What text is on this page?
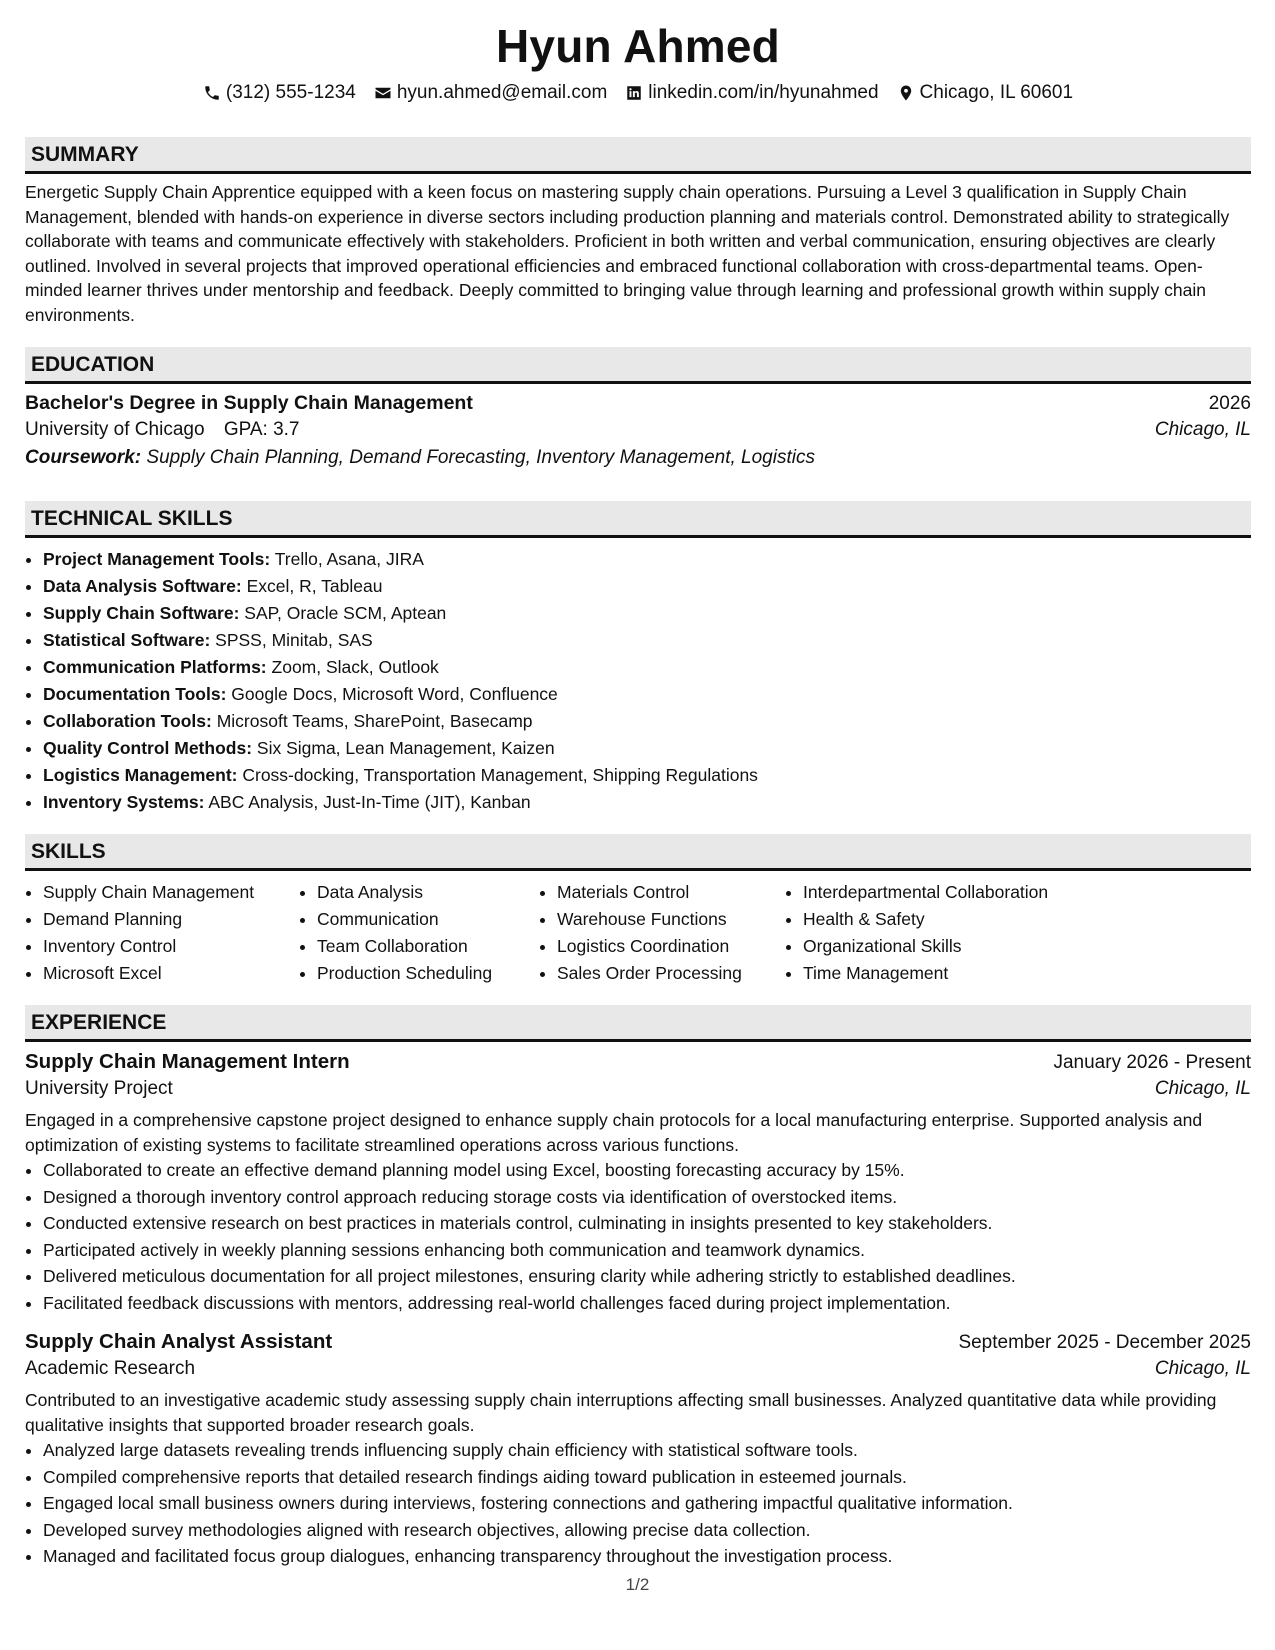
Hyun Ahmed
(312) 555-1234 hyun.ahmed@email.com linkedin.com/in/hyunahmed Chicago, IL 60601
SUMMARY

Energetic Supply Chain Apprentice equipped with a keen focus on mastering supply chain operations. Pursuing a Level 3 qualification in Supply Chain Management, blended with hands-on experience in diverse sectors including production planning and materials control. Demonstrated ability to strategically collaborate with teams and communicate effectively with stakeholders. Proficient in both written and verbal communication, ensuring objectives are clearly outlined. Involved in several projects that improved operational efficiencies and embraced functional collaboration with cross-departmental teams. Open-minded learner thrives under mentorship and feedback. Deeply committed to bringing value through learning and professional growth within supply chain environments.

EDUCATION
Bachelor's Degree in Supply Chain Management	2026
University of Chicago GPA: 3.7	Chicago, IL
Coursework: Supply Chain Planning, Demand Forecasting, Inventory Management, Logistics
TECHNICAL SKILLS
• Project Management Tools: Trello, Asana, JIRA
• Data Analysis Software: Excel, R, Tableau
• Supply Chain Software: SAP, Oracle SCM, Aptean
• Statistical Software: SPSS, Minitab, SAS
• Communication Platforms: Zoom, Slack, Outlook
• Documentation Tools: Google Docs, Microsoft Word, Confluence
• Collaboration Tools: Microsoft Teams, SharePoint, Basecamp
• Quality Control Methods: Six Sigma, Lean Management, Kaizen
• Logistics Management: Cross-docking, Transportation Management, Shipping Regulations
• Inventory Systems: ABC Analysis, Just-In-Time (JIT), Kanban
SKILLS
• Supply Chain Management
• Demand Planning
• Inventory Control
• Microsoft Excel
• Data Analysis
• Communication
• Team Collaboration
• Production Scheduling
• Materials Control
• Warehouse Functions
• Logistics Coordination
• Sales Order Processing
• Interdepartmental Collaboration
• Health & Safety
• Organizational Skills
• Time Management
EXPERIENCE
Supply Chain Management Intern	January 2026 - Present
University Project	Chicago, IL

Engaged in a comprehensive capstone project designed to enhance supply chain protocols for a local manufacturing enterprise. Supported analysis and optimization of existing systems to facilitate streamlined operations across various functions.

• Collaborated to create an effective demand planning model using Excel, boosting forecasting accuracy by 15%.
• Designed a thorough inventory control approach reducing storage costs via identification of overstocked items.
• Conducted extensive research on best practices in materials control, culminating in insights presented to key stakeholders.
• Participated actively in weekly planning sessions enhancing both communication and teamwork dynamics.
• Delivered meticulous documentation for all project milestones, ensuring clarity while adhering strictly to established deadlines.
• Facilitated feedback discussions with mentors, addressing real-world challenges faced during project implementation.
Supply Chain Analyst Assistant	September 2025 - December 2025
Academic Research	Chicago, IL

Contributed to an investigative academic study assessing supply chain interruptions affecting small businesses. Analyzed quantitative data while providing qualitative insights that supported broader research goals.

• Analyzed large datasets revealing trends influencing supply chain efficiency with statistical software tools.
• Compiled comprehensive reports that detailed research findings aiding toward publication in esteemed journals.
• Engaged local small business owners during interviews, fostering connections and gathering impactful qualitative information.
• Developed survey methodologies aligned with research objectives, allowing precise data collection.
• Managed and facilitated focus group dialogues, enhancing transparency throughout the investigation process.
1/2
